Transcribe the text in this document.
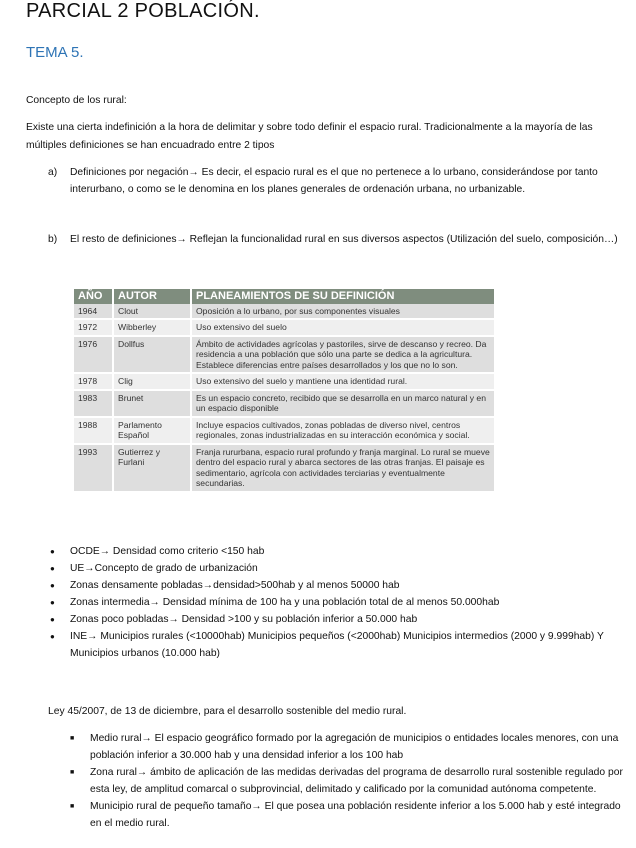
PARCIAL 2 POBLACIÓN.
TEMA 5.
Concepto de los rural:
Existe una cierta indefinición a la hora de delimitar y sobre todo definir el espacio rural. Tradicionalmente a la mayoría de las múltiples definiciones se han encuadrado entre 2 tipos
a) Definiciones por negación→ Es decir, el espacio rural es el que no pertenece a lo urbano, considerándose por tanto interurbano, o como se le denomina en los planes generales de ordenación urbana, no urbanizable.
b) El resto de definiciones→ Reflejan la funcionalidad rural en sus diversos aspectos (Utilización del suelo, composición…)
AÑO	AUTOR	PLANEAMIENTOS DE SU DEFINICIÓN
1964	Clout	Oposición a lo urbano, por sus componentes visuales
1972	Wibberley	Uso extensivo del suelo
1976	Dollfus	Ámbito de actividades agrícolas y pastoriles, sirve de descanso y recreo. Da residencia a una población que sólo una parte se dedica a la agricultura. Establece diferencias entre países desarrollados y los que no lo son.
1978	Clig	Uso extensivo del suelo y mantiene una identidad rural.
1983	Brunet	Es un espacio concreto, recibido que se desarrolla en un marco natural y en un espacio disponible
1988	Parlamento Español	Incluye espacios cultivados, zonas pobladas de diverso nivel, centros regionales, zonas industrializadas en su interacción económica y social.
1993	Gutierrez y Furlani	Franja rururbana, espacio rural profundo y franja marginal. Lo rural se mueve dentro del espacio rural y abarca sectores de las otras franjas. El paisaje es sedimentario, agrícola con actividades terciarias y eventualmente secundarias.
● OCDE→ Densidad como criterio <150 hab
● UE→Concepto de grado de urbanización
● Zonas densamente pobladas→densidad>500hab y al menos 50000 hab
● Zonas intermedia→ Densidad mínima de 100 ha y una población total de al menos 50.000hab
● Zonas poco pobladas→ Densidad >100 y su población inferior a 50.000 hab
● INE→ Municipios rurales (<10000hab) Municipios pequeños (<2000hab) Municipios intermedios (2000 y 9.999hab) Y Municipios urbanos (10.000 hab)
Ley 45/2007, de 13 de diciembre, para el desarrollo sostenible del medio rural.
■ Medio rural→ El espacio geográfico formado por la agregación de municipios o entidades locales menores, con una población inferior a 30.000 hab y una densidad inferior a los 100 hab
■ Zona rural→ ámbito de aplicación de las medidas derivadas del programa de desarrollo rural sostenible regulado por esta ley, de amplitud comarcal o subprovincial, delimitado y calificado por la comunidad autónoma competente.
■ Municipio rural de pequeño tamaño→ El que posea una población residente inferior a los 5.000 hab y esté integrado en el medio rural.
